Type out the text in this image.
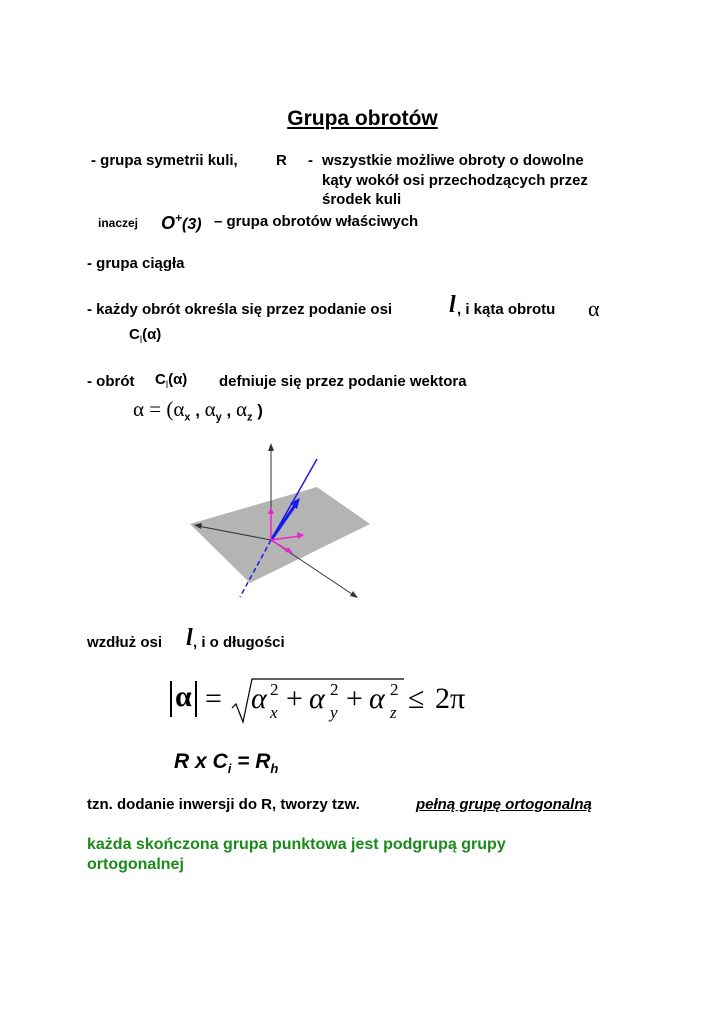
Grupa obrotów
- grupa symetrii kuli,	R - wszystkie możliwe obroty o dowolne
kąty wokół osi przechodzących przez
środek kuli
inaczej O+(3) – grupa obrotów właściwych
- grupa ciągła
- każdy obrót określa się przez podanie osi l , i kąta obrotu α
$C_l(\alpha)$
- obrót $C_l(\alpha)$ defniuje się przez podanie wektora
$\alpha = (\alpha_x$ , $\alpha_y$ , $\alpha_z$ )
wzdłuż osi l , i o długości
α = α 2
x + α 2
y + α 2
z ≤ 2π
R x $C_i = R_h$
tzn. dodanie inwersji do R, tworzy tzw.	pełną grupę ortogonalną
każda skończona grupa punktowa jest podgrupą grupy
ortogonalnej
